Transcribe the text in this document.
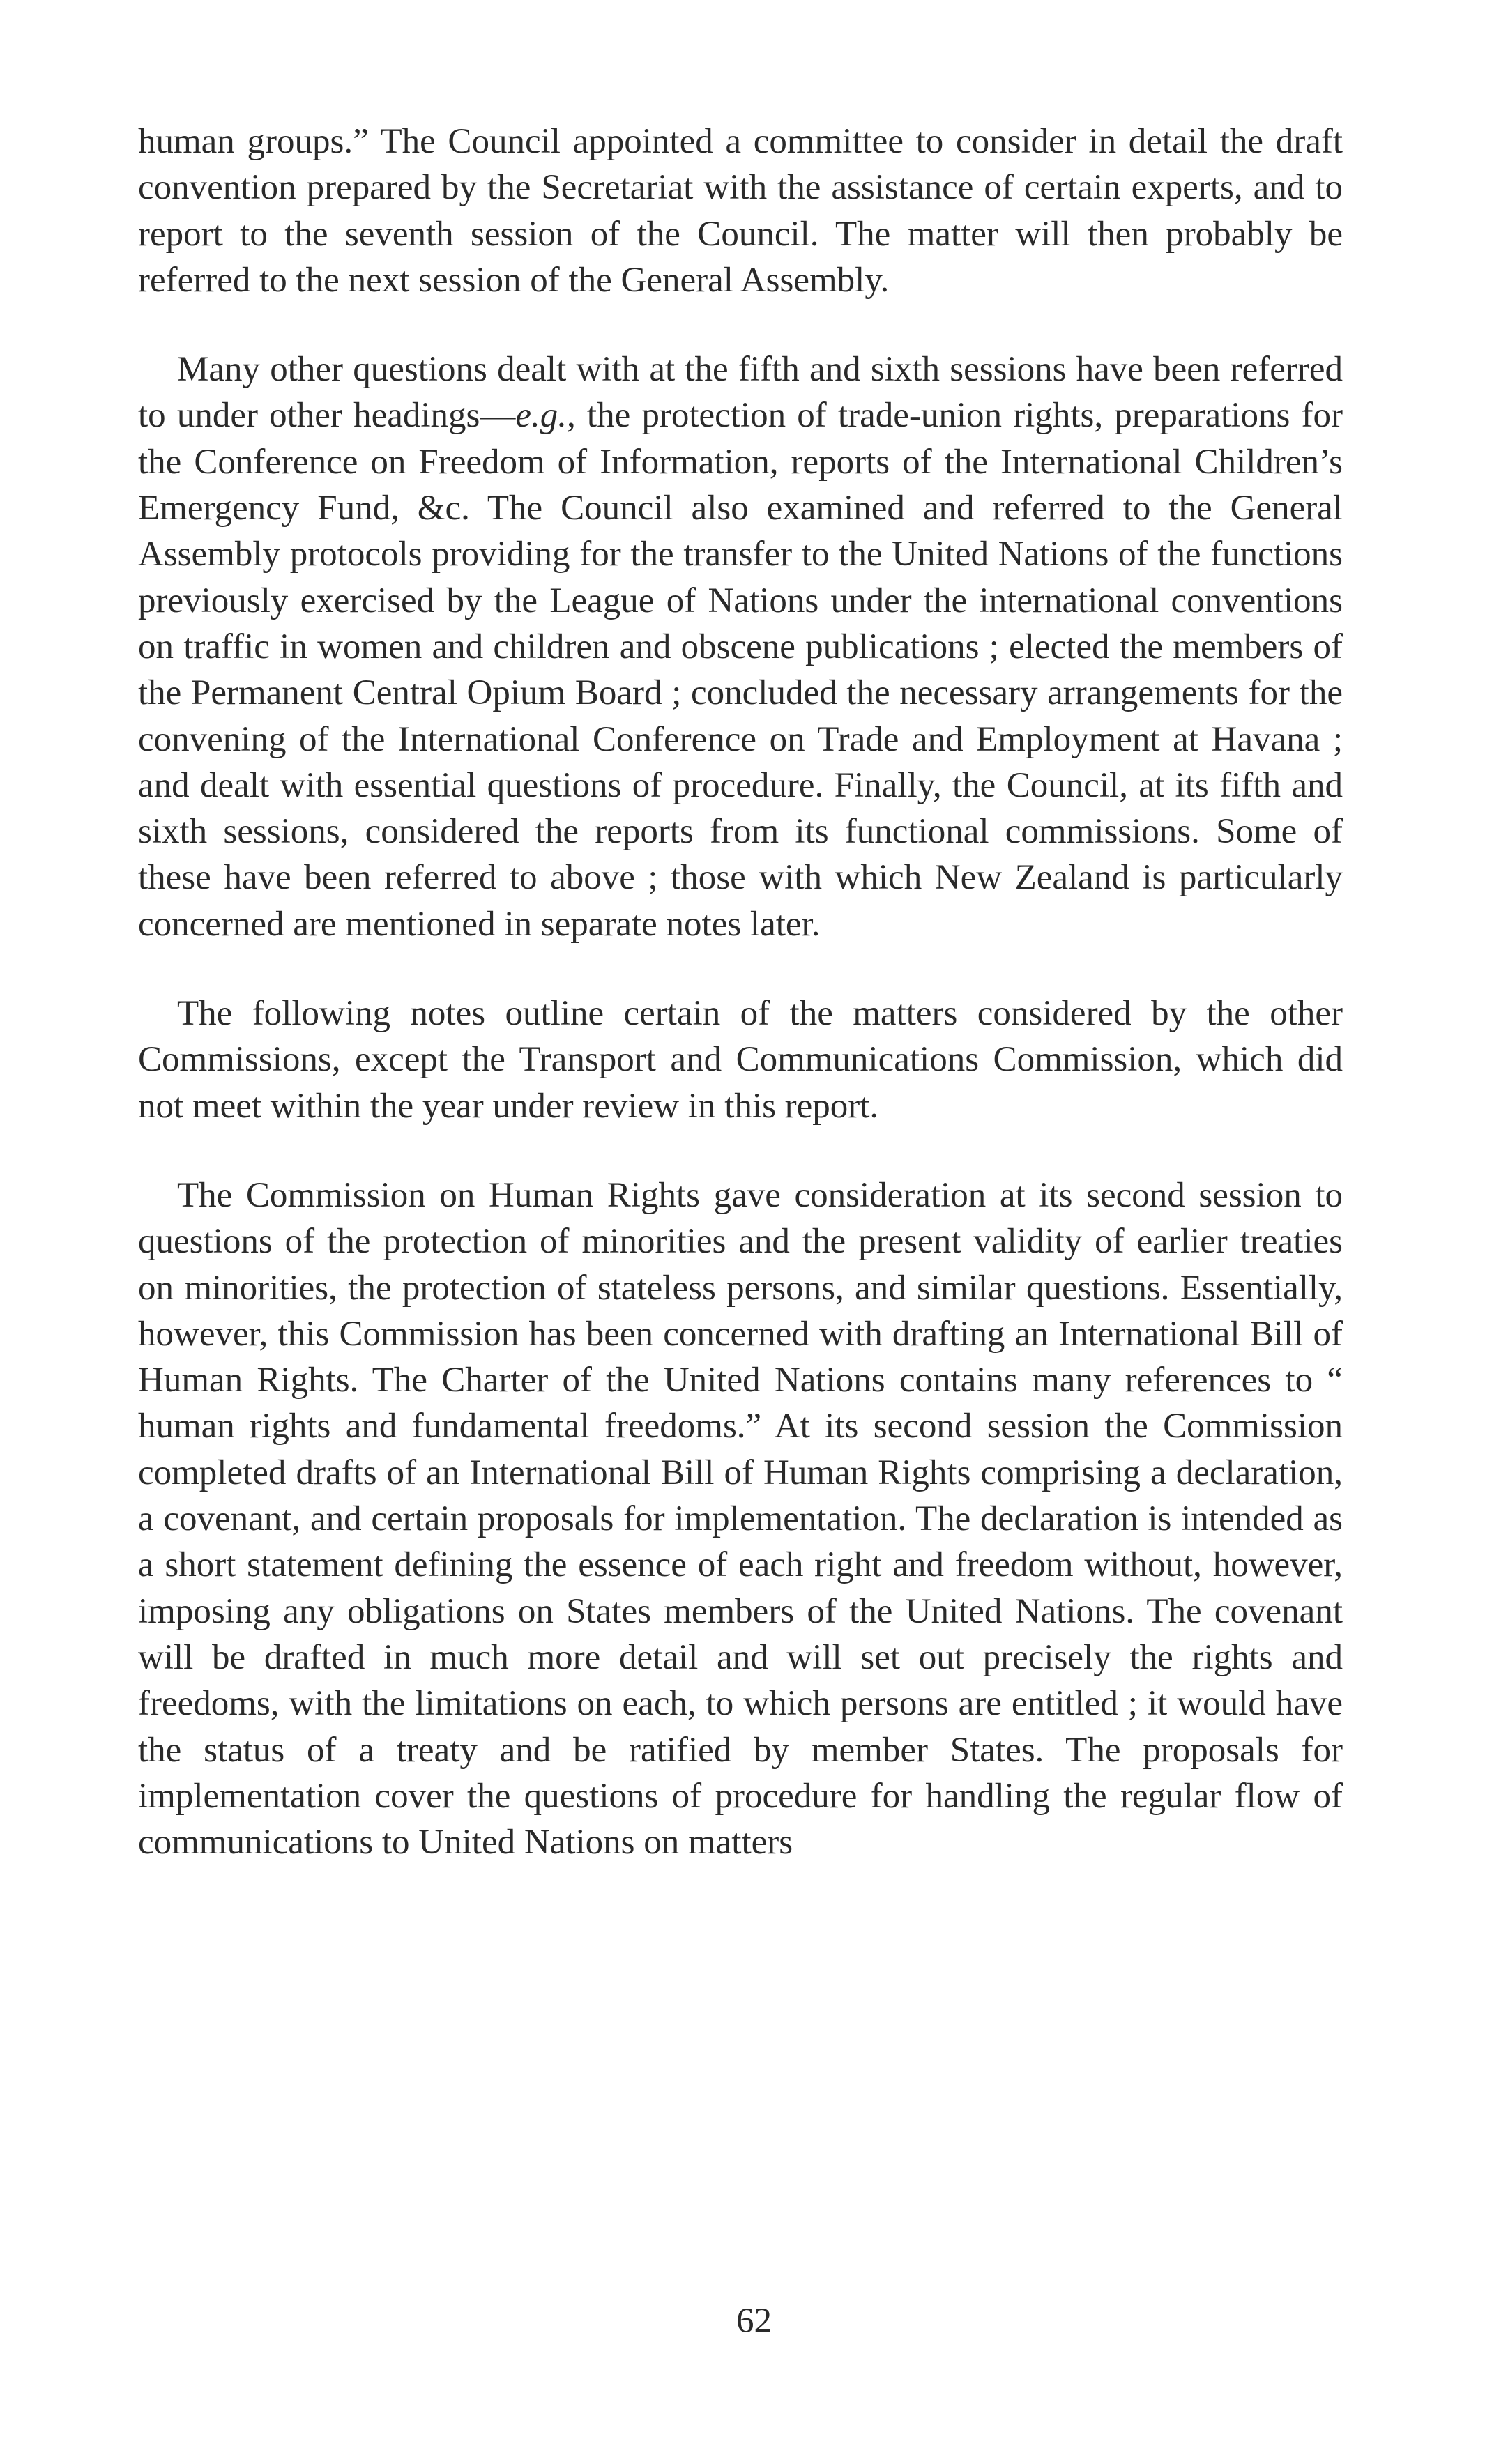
human groups.” The Council appointed a committee to consider in detail the draft convention prepared by the Secretariat with the assistance of certain experts, and to report to the seventh session of the Council. The matter will then probably be referred to the next session of the General Assembly.

Many other questions dealt with at the fifth and sixth sessions have been referred to under other headings—e.g., the protection of trade-union rights, preparations for the Conference on Freedom of Information, reports of the International Children’s Emergency Fund, &c. The Council also examined and referred to the General Assembly protocols providing for the transfer to the United Nations of the functions previously exercised by the League of Nations under the international conventions on traffic in women and children and obscene publications ; elected the members of the Permanent Central Opium Board ; concluded the necessary arrangements for the convening of the International Conference on Trade and Employment at Havana ; and dealt with essential questions of procedure. Finally, the Council, at its fifth and sixth sessions, considered the reports from its functional commissions. Some of these have been referred to above ; those with which New Zealand is particularly concerned are mentioned in separate notes later.

The following notes outline certain of the matters considered by the other Commissions, except the Transport and Communications Commission, which did not meet within the year under review in this report.

The Commission on Human Rights gave consideration at its second session to questions of the protection of minorities and the present validity of earlier treaties on minorities, the protection of stateless persons, and similar questions. Essentially, however, this Commission has been concerned with drafting an International Bill of Human Rights. The Charter of the United Nations contains many references to “ human rights and fundamental freedoms.” At its second session the Commission completed drafts of an International Bill of Human Rights comprising a declaration, a covenant, and certain proposals for implementation. The declaration is intended as a short statement defining the essence of each right and freedom without, however, imposing any obligations on States members of the United Nations. The covenant will be drafted in much more detail and will set out precisely the rights and freedoms, with the limitations on each, to which persons are entitled ; it would have the status of a treaty and be ratified by member States. The proposals for implementation cover the questions of procedure for handling the regular flow of communications to United Nations on matters

62
